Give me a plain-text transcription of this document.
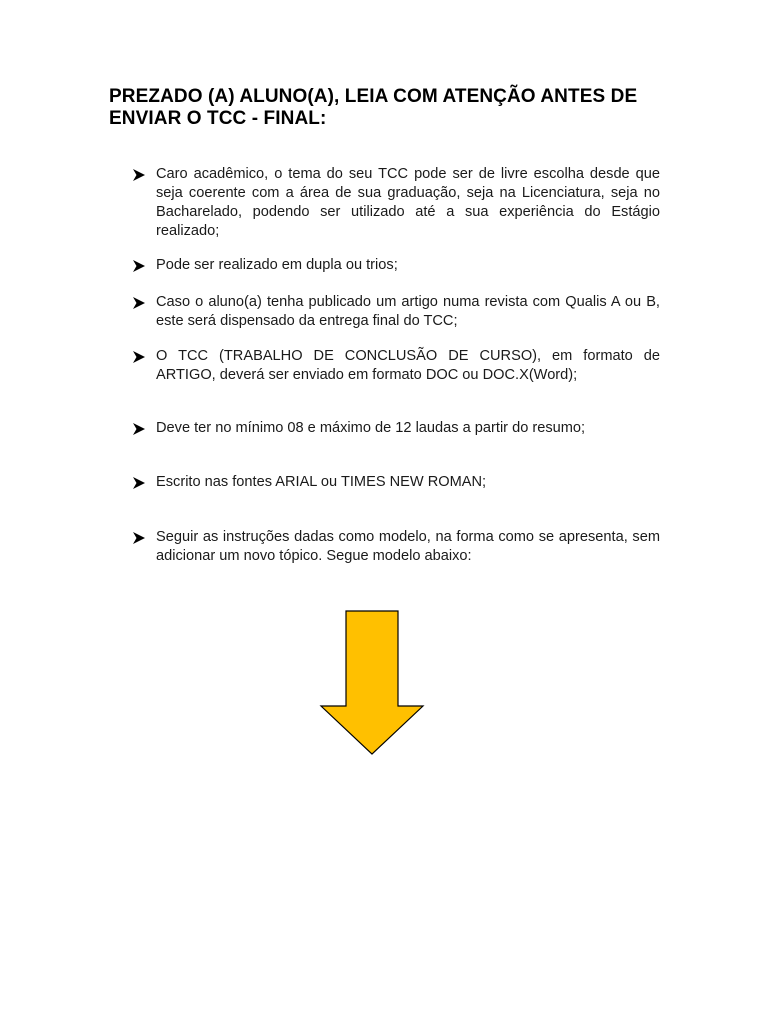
PREZADO (A) ALUNO(A), LEIA COM ATENÇÃO ANTES DE ENVIAR O TCC - FINAL:
Caro acadêmico, o tema do seu TCC pode ser de livre escolha desde que seja coerente com a área de sua graduação, seja na Licenciatura, seja no Bacharelado, podendo ser utilizado até a sua experiência do Estágio realizado;
Pode ser realizado em dupla ou trios;
Caso o aluno(a) tenha publicado um artigo numa revista com Qualis A ou B, este será dispensado da entrega final do TCC;
O TCC (TRABALHO DE CONCLUSÃO DE CURSO), em formato de ARTIGO, deverá ser enviado em formato DOC ou DOC.X(Word);
Deve ter no mínimo 08 e máximo de 12 laudas a partir do resumo;
Escrito nas fontes ARIAL ou TIMES NEW ROMAN;
Seguir as instruções dadas como modelo, na forma como se apresenta, sem adicionar um novo tópico. Segue modelo abaixo:
